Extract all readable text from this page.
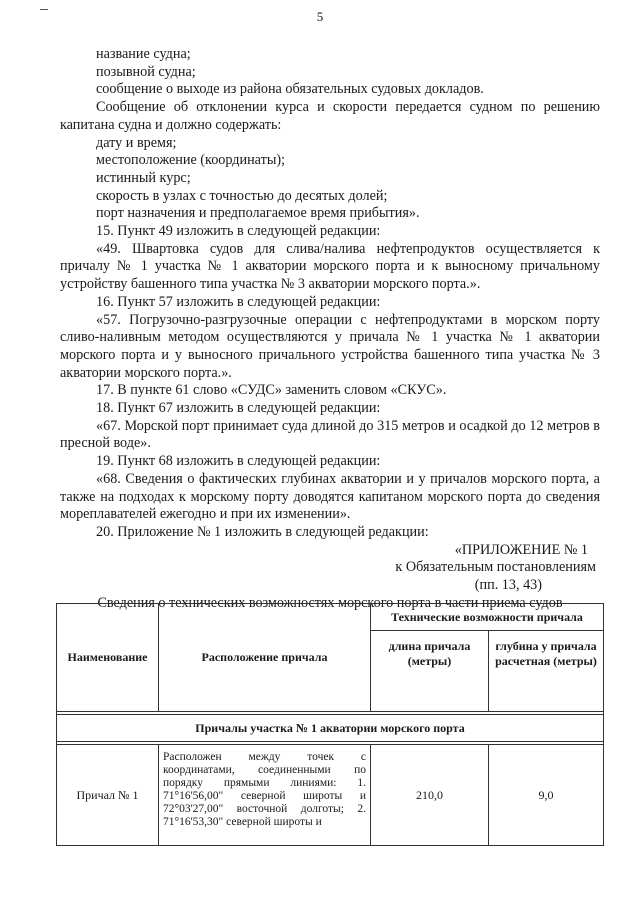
5

название судна;

позывной судна;

сообщение о выходе из района обязательных судовых докладов.

Сообщение об отклонении курса и скорости передается судном по решению капитана судна и должно содержать:

дату и время;

местоположение (координаты);

истинный курс;

скорость в узлах с точностью до десятых долей;

порт назначения и предполагаемое время прибытия».

15. Пункт 49 изложить в следующей редакции:

«49. Швартовка судов для слива/налива нефтепродуктов осуществляется к причалу № 1 участка № 1 акватории морского порта и к выносному причальному устройству башенного типа участка № 3 акватории морского порта.».

16. Пункт 57 изложить в следующей редакции:

«57. Погрузочно-разгрузочные операции с нефтепродуктами в морском порту сливо-наливным методом осуществляются у причала № 1 участка № 1 акватории морского порта и у выносного причального устройства башенного типа участка № 3 акватории морского порта.».

17. В пункте 61 слово «СУДС» заменить словом «СКУС».

18. Пункт 67 изложить в следующей редакции:

«67. Морской порт принимает суда длиной до 315 метров и осадкой до 12 метров в пресной воде».

19. Пункт 68 изложить в следующей редакции:

«68. Сведения о фактических глубинах акватории и у причалов морского порта, а также на подходах к морскому порту доводятся капитаном морского порта до сведения мореплавателей ежегодно и при их изменении».

20. Приложение № 1 изложить в следующей редакции:

«ПРИЛОЖЕНИЕ № 1

к Обязательным постановлениям

(пп. 13, 43)

Сведения о технических возможностях морского порта в части приема судов

Наименование	Расположение причала	Технические возможности причала	
		длина причала (метры)	глубина у причала расчетная (метры)

Причалы участка № 1 акватории морского порта			

Причал № 1	Расположен между точек с координатами, соединенными по порядку прямыми линиями: 1. 71°16'56,00" северной широты и 72°03'27,00" восточной долготы; 2. 71°16'53,30" северной широты и	210,0	9,0
